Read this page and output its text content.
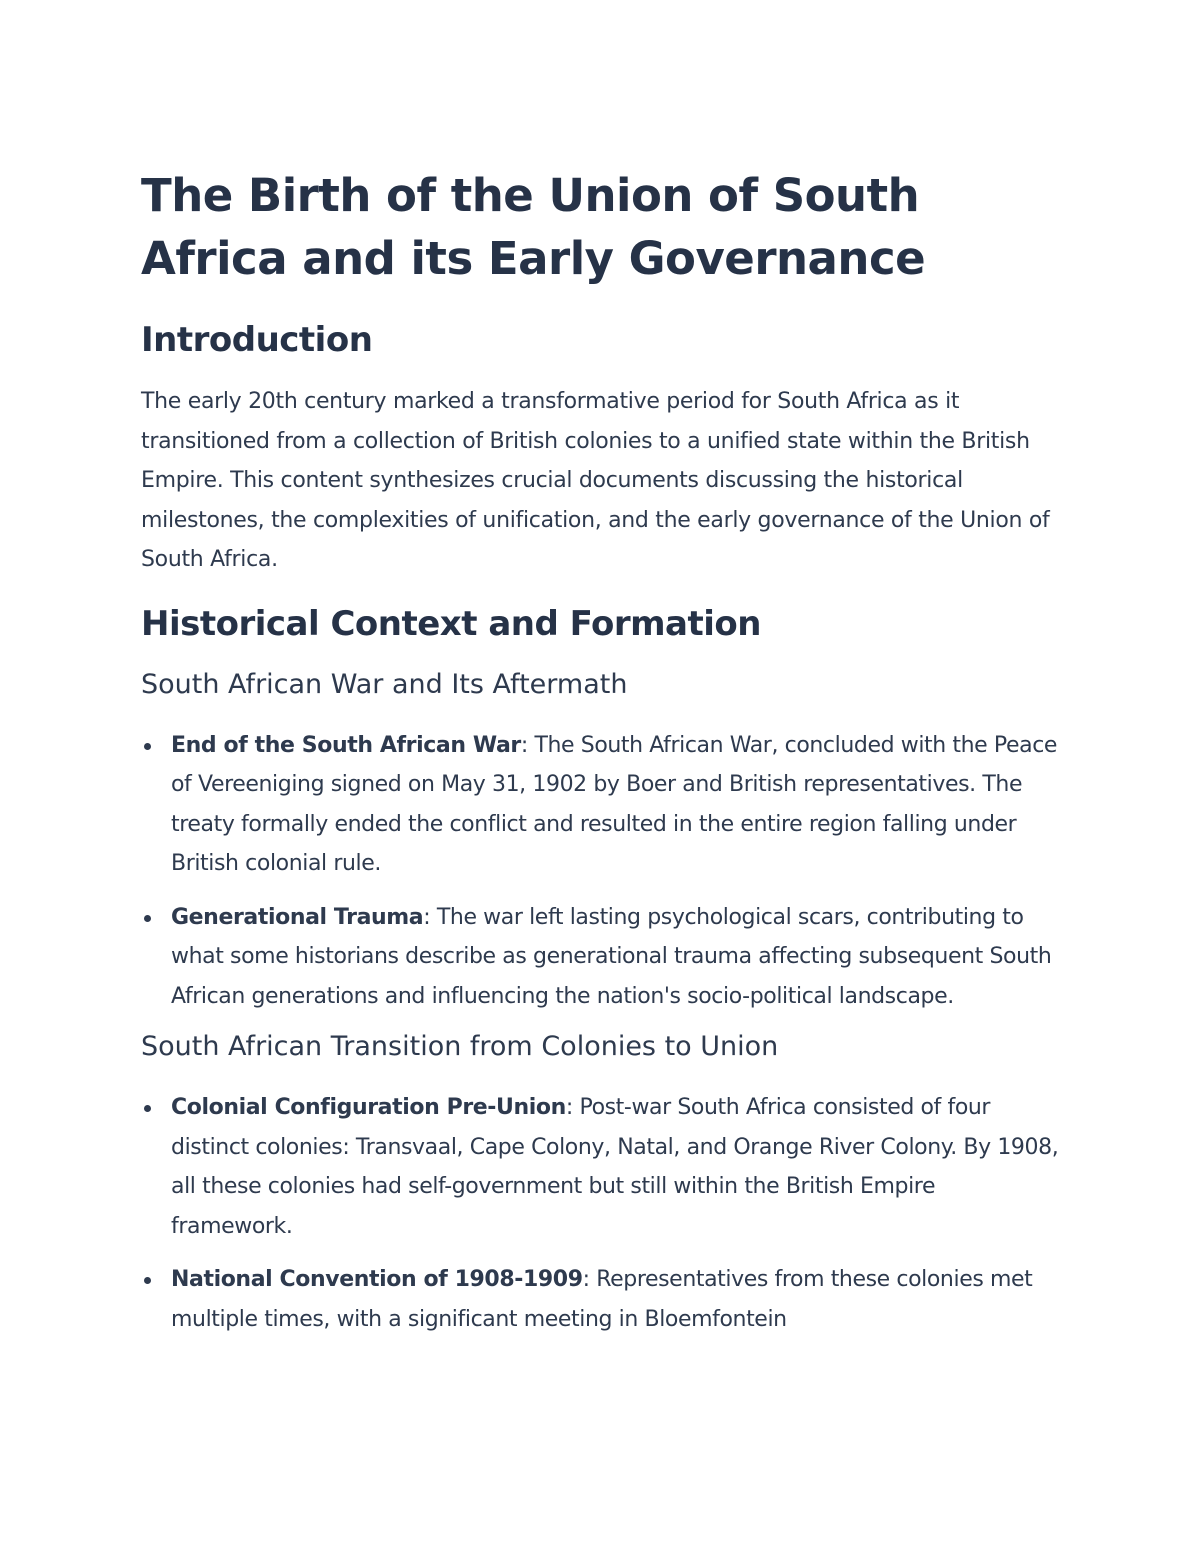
The Birth of the Union of South Africa and its Early Governance
Introduction

The early 20th century marked a transformative period for South Africa as it transitioned from a collection of British colonies to a unified state within the British Empire. This content synthesizes crucial documents discussing the historical milestones, the complexities of unification, and the early governance of the Union of South Africa.

Historical Context and Formation
South African War and Its Aftermath
End of the South African War: The South African War, concluded with the Peace of Vereeniging signed on May 31, 1902 by Boer and British representatives. The treaty formally ended the conflict and resulted in the entire region falling under British colonial rule.
Generational Trauma: The war left lasting psychological scars, contributing to what some historians describe as generational trauma affecting subsequent South African generations and influencing the nation's socio-political landscape.
South African Transition from Colonies to Union
Colonial Configuration Pre-Union: Post-war South Africa consisted of four distinct colonies: Transvaal, Cape Colony, Natal, and Orange River Colony. By 1908, all these colonies had self-government but still within the British Empire framework.
National Convention of 1908-1909: Representatives from these colonies met multiple times, with a significant meeting in Bloemfontein
